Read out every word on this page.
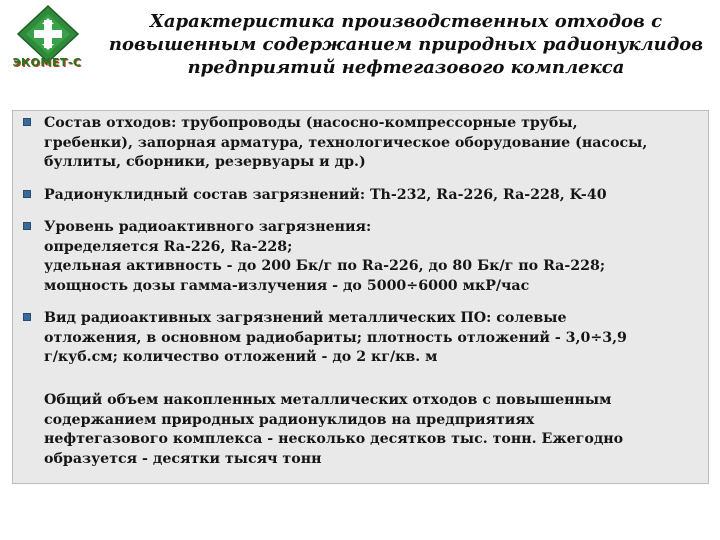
ЭКОМЕТ-С
Характеристика производственных отходов с
повышенным содержанием природных радионуклидов
предприятий нефтегазового комплекса
Состав отходов: трубопроводы (насосно-компрессорные трубы,
гребенки), запорная арматура, технологическое оборудование (насосы,
буллиты, сборники, резервуары и др.)
Радионуклидный состав загрязнений: Th-232, Ra-226, Ra-228, K-40
Уровень радиоактивного загрязнения:
определяется Ra-226, Ra-228;
удельная активность - до 200 Бк/г по Ra-226, до 80 Бк/г по Ra-228;
мощность дозы гамма-излучения - до 5000÷6000 мкР/час
Вид радиоактивных загрязнений металлических ПО: солевые
отложения, в основном радиобариты; плотность отложений - 3,0÷3,9
г/куб.см; количество отложений - до 2 кг/кв. м
Общий объем накопленных металлических отходов с повышенным
содержанием природных радионуклидов на предприятиях
нефтегазового комплекса - несколько десятков тыс. тонн. Ежегодно
образуется - десятки тысяч тонн
